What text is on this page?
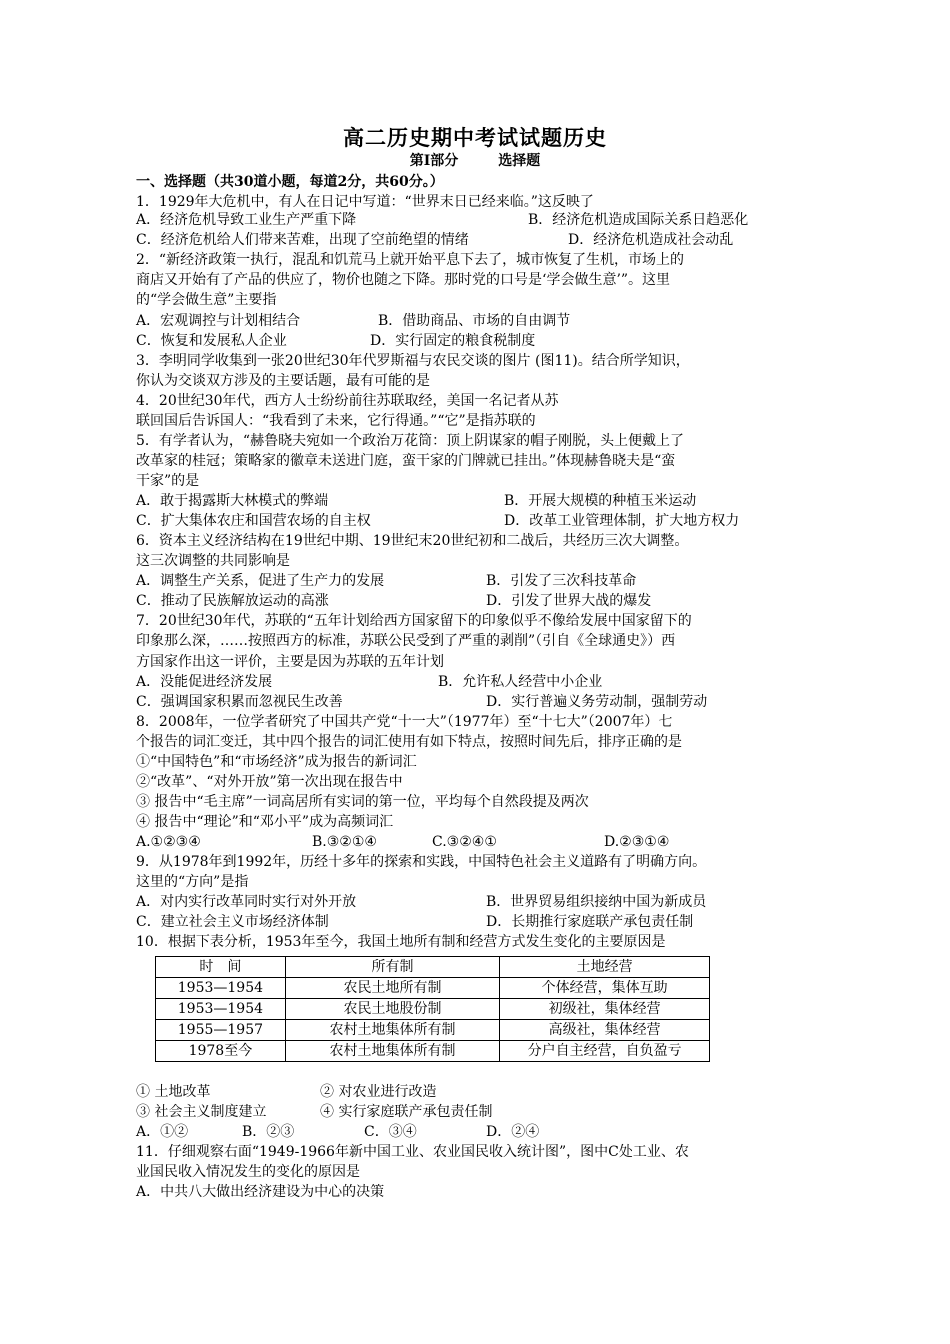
高二历史期中考试试题历史
第Ⅰ部分	选择题
一、选择题（共30道小题，每道2分，共60分。）
1．1929年大危机中，有人在日记中写道：“世界末日已经来临。”这反映了
A．经济危机导致工业生产严重下降	B．经济危机造成国际关系日趋恶化
C．经济危机给人们带来苦难，出现了空前绝望的情绪	D．经济危机造成社会动乱
2．“新经济政策一执行，混乱和饥荒马上就开始平息下去了，城市恢复了生机，市场上的
商店又开始有了产品的供应了，物价也随之下降。那时党的口号是‘学会做生意’”。这里
的“学会做生意”主要指
A．宏观调控与计划相结合	B．借助商品、市场的自由调节
C．恢复和发展私人企业	D．实行固定的粮食税制度
3．李明同学收集到一张20世纪30年代罗斯福与农民交谈的图片 (图11)。结合所学知识，
你认为交谈双方涉及的主要话题，最有可能的是
4．20世纪30年代，西方人士纷纷前往苏联取经，美国一名记者从苏
联回国后告诉国人：“我看到了未来，它行得通。”“它”是指苏联的
5．有学者认为，“赫鲁晓夫宛如一个政治万花筒：顶上阴谋家的帽子刚脱，头上便戴上了
改革家的桂冠；策略家的徽章未送进门庭，蛮干家的门牌就已挂出。”体现赫鲁晓夫是“蛮
干家”的是
A．敢于揭露斯大林模式的弊端	B．开展大规模的种植玉米运动
C．扩大集体农庄和国营农场的自主权	D．改革工业管理体制，扩大地方权力
6．资本主义经济结构在19世纪中期、19世纪末20世纪初和二战后，共经历三次大调整。
这三次调整的共同影响是
A．调整生产关系，促进了生产力的发展	B．引发了三次科技革命
C．推动了民族解放运动的高涨	D．引发了世界大战的爆发
7．20世纪30年代，苏联的“五年计划给西方国家留下的印象似乎不像给发展中国家留下的
印象那么深，……按照西方的标准，苏联公民受到了严重的剥削”（引自《全球通史》）西
方国家作出这一评价，主要是因为苏联的五年计划
A．没能促进经济发展	B．允许私人经营中小企业
C．强调国家积累而忽视民生改善	D．实行普遍义务劳动制，强制劳动
8．2008年，一位学者研究了中国共产党“十一大”（1977年）至“十七大”（2007年）七
个报告的词汇变迁，其中四个报告的词汇使用有如下特点，按照时间先后，排序正确的是
①“中国特色”和“市场经济”成为报告的新词汇
②“改革”、“对外开放”第一次出现在报告中
③ 报告中“毛主席”一词高居所有实词的第一位，平均每个自然段提及两次
④ 报告中“理论”和“邓小平”成为高频词汇
A.①②③④	B.③②①④	C.③②④①	D.②③①④
9．从1978年到1992年，历经十多年的探索和实践，中国特色社会主义道路有了明确方向。
这里的“方向”是指
A．对内实行改革同时实行对外开放	B．世界贸易组织接纳中国为新成员
C．建立社会主义市场经济体制	D．长期推行家庭联产承包责任制
10．根据下表分析，1953年至今，我国土地所有制和经营方式发生变化的主要原因是
时　间	所有制	土地经营
1953—1954	农民土地所有制	个体经营，集体互助
1953—1954	农民土地股份制	初级社，集体经营
1955—1957	农村土地集体所有制	高级社，集体经营
1978至今	农村土地集体所有制	分户自主经营，自负盈亏
① 土地改革	② 对农业进行改造
③ 社会主义制度建立	④ 实行家庭联产承包责任制
A．①②	B．②③	C．③④	D．②④
11．仔细观察右面“1949-1966年新中国工业、农业国民收入统计图”，图中C处工业、农
业国民收入情况发生的变化的原因是
A．中共八大做出经济建设为中心的决策
